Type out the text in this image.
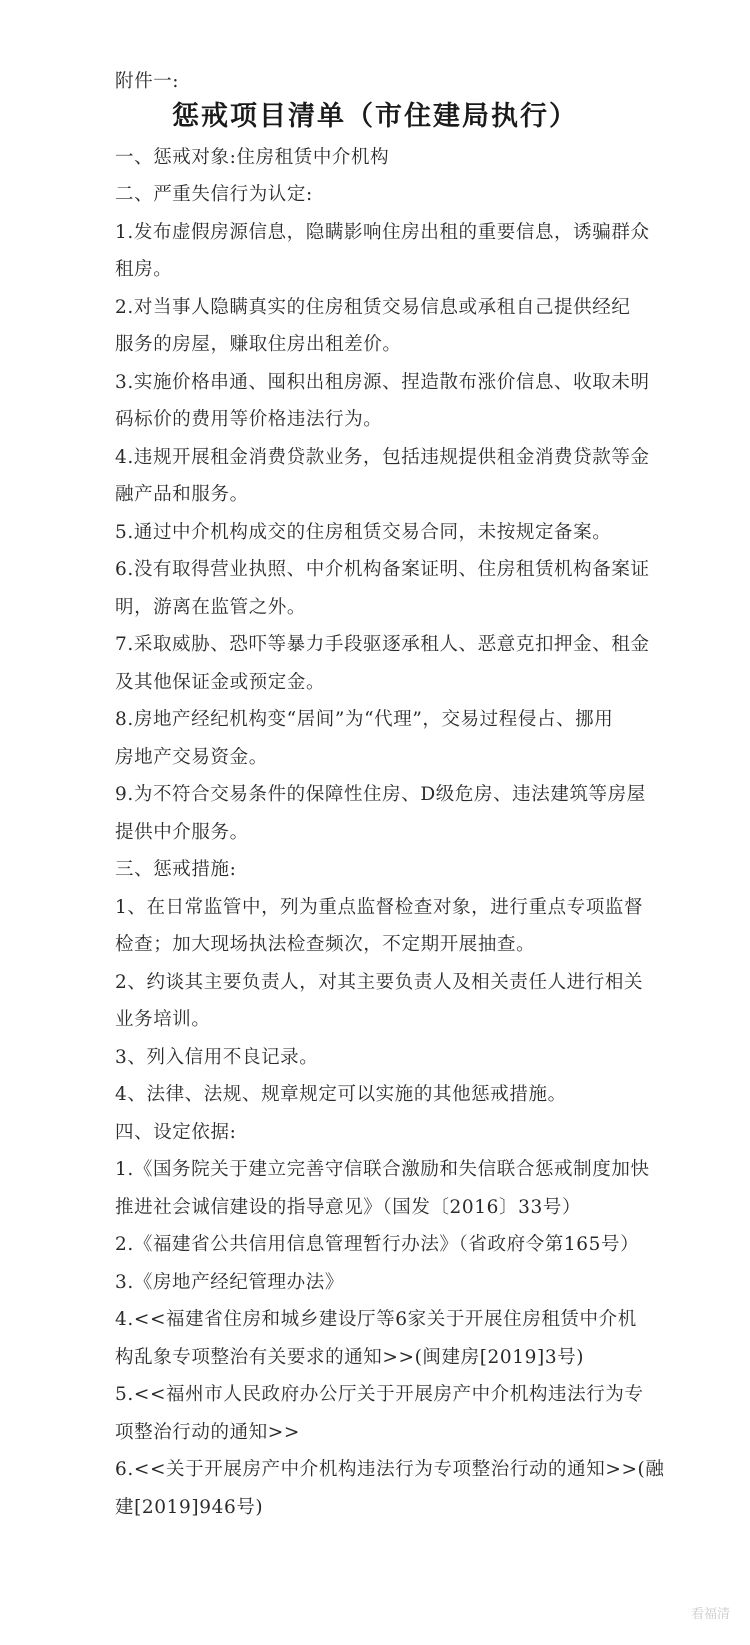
附件一:
惩戒项目清单（市住建局执行）
一、惩戒对象:住房租赁中介机构
二、严重失信行为认定:
1.发布虚假房源信息，隐瞒影响住房出租的重要信息，诱骗群众
租房。
2.对当事人隐瞒真实的住房租赁交易信息或承租自己提供经纪
服务的房屋，赚取住房出租差价。
3.实施价格串通、囤积出租房源、捏造散布涨价信息、收取未明
码标价的费用等价格违法行为。
4.违规开展租金消费贷款业务，包括违规提供租金消费贷款等金
融产品和服务。
5.通过中介机构成交的住房租赁交易合同，未按规定备案。
6.没有取得营业执照、中介机构备案证明、住房租赁机构备案证
明，游离在监管之外。
7.采取威胁、恐吓等暴力手段驱逐承租人、恶意克扣押金、租金
及其他保证金或预定金。
8.房地产经纪机构变“居间”为“代理”，交易过程侵占、挪用
房地产交易资金。
9.为不符合交易条件的保障性住房、D级危房、违法建筑等房屋
提供中介服务。
三、惩戒措施:
1、在日常监管中，列为重点监督检查对象，进行重点专项监督
检查；加大现场执法检查频次，不定期开展抽查。
2、约谈其主要负责人，对其主要负责人及相关责任人进行相关
业务培训。
3、列入信用不良记录。
4、法律、法规、规章规定可以实施的其他惩戒措施。
四、设定依据:
1.《国务院关于建立完善守信联合激励和失信联合惩戒制度加快
推进社会诚信建设的指导意见》（国发〔2016〕33号）
2.《福建省公共信用信息管理暂行办法》（省政府令第165号）
3.《房地产经纪管理办法》
4.<<福建省住房和城乡建设厅等6家关于开展住房租赁中介机
构乱象专项整治有关要求的通知>>(闽建房[2019]3号)
5.<<福州市人民政府办公厅关于开展房产中介机构违法行为专
项整治行动的通知>>
6.<<关于开展房产中介机构违法行为专项整治行动的通知>>(融
建[2019]946号)
看福清
